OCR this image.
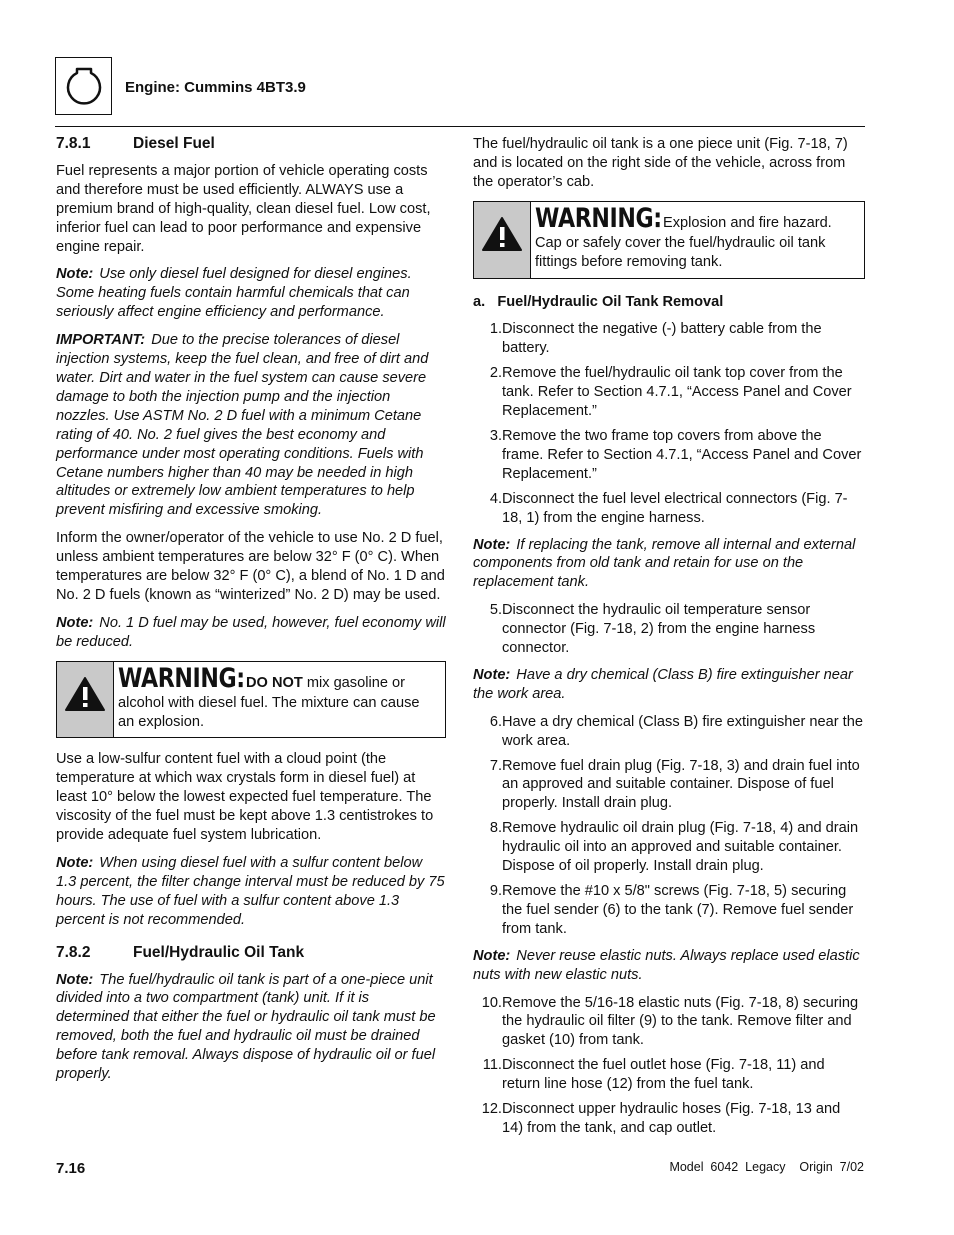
Engine: Cummins 4BT3.9
7.8.1	Diesel Fuel

Fuel represents a major portion of vehicle operating costs and therefore must be used efficiently. ALWAYS use a premium brand of high-quality, clean diesel fuel. Low cost, inferior fuel can lead to poor performance and expensive engine repair.

Note: Use only diesel fuel designed for diesel engines. Some heating fuels contain harmful chemicals that can seriously affect engine efficiency and performance.
IMPORTANT: Due to the precise tolerances of diesel injection systems, keep the fuel clean, and free of dirt and water. Dirt and water in the fuel system can cause severe damage to both the injection pump and the injection nozzles. Use ASTM No. 2 D fuel with a minimum Cetane rating of 40. No. 2 fuel gives the best economy and performance under most operating conditions. Fuels with Cetane numbers higher than 40 may be needed in high altitudes or extremely low ambient temperatures to help prevent misfiring and excessive smoking.

Inform the owner/operator of the vehicle to use No. 2 D fuel, unless ambient temperatures are below 32° F (0° C). When temperatures are below 32° F (0° C), a blend of No. 1 D and No. 2 D fuels (known as “winterized” No. 2 D) may be used.

Note: No. 1 D fuel may be used, however, fuel economy will be reduced.
WARNING:DO NOT mix gasoline or alcohol with diesel fuel. The mixture can cause an explosion.

Use a low-sulfur content fuel with a cloud point (the temperature at which wax crystals form in diesel fuel) at least 10° below the lowest expected fuel temperature. The viscosity of the fuel must be kept above 1.3 centistrokes to provide adequate fuel system lubrication.

Note: When using diesel fuel with a sulfur content below 1.3 percent, the filter change interval must be reduced by 75 hours. The use of fuel with a sulfur content above 1.3 percent is not recommended.
7.8.2	Fuel/Hydraulic Oil Tank
Note: The fuel/hydraulic oil tank is part of a one-piece unit divided into a two compartment (tank) unit. If it is determined that either the fuel or hydraulic oil tank must be removed, both the fuel and hydraulic oil must be drained before tank removal. Always dispose of hydraulic oil or fuel properly.

The fuel/hydraulic oil tank is a one piece unit (Fig. 7-18, 7) and is located on the right side of the vehicle, across from the operator’s cab.

WARNING:Explosion and fire hazard. Cap or safely cover the fuel/hydraulic oil tank fittings before removing tank.
a.   Fuel/Hydraulic Oil Tank Removal
1. Disconnect the negative (-) battery cable from the battery.
2. Remove the fuel/hydraulic oil tank top cover from the tank. Refer to Section 4.7.1, “Access Panel and Cover Replacement.”
3. Remove the two frame top covers from above the frame. Refer to Section 4.7.1, “Access Panel and Cover Replacement.”
4. Disconnect the fuel level electrical connectors (Fig. 7-18, 1) from the engine harness.
Note: If replacing the tank, remove all internal and external components from old tank and retain for use on the replacement tank.
5. Disconnect the hydraulic oil temperature sensor connector (Fig. 7-18, 2) from the engine harness connector.
Note: Have a dry chemical (Class B) fire extinguisher near the work area.
6. Have a dry chemical (Class B) fire extinguisher near the work area.
7. Remove fuel drain plug (Fig. 7-18, 3) and drain fuel into an approved and suitable container. Dispose of fuel properly. Install drain plug.
8. Remove hydraulic oil drain plug (Fig. 7-18, 4) and drain hydraulic oil into an approved and suitable container. Dispose of oil properly. Install drain plug.
9. Remove the #10 x 5/8" screws (Fig. 7-18, 5) securing the fuel sender (6) to the tank (7). Remove fuel sender from tank.
Note: Never reuse elastic nuts. Always replace used elastic nuts with new elastic nuts.
10. Remove the 5/16-18 elastic nuts (Fig. 7-18, 8) securing the hydraulic oil filter (9) to the tank. Remove filter and gasket (10) from tank.
11. Disconnect the fuel outlet hose (Fig. 7-18, 11) and return line hose (12) from the fuel tank.
12. Disconnect upper hydraulic hoses (Fig. 7-18, 13 and 14) from the tank, and cap outlet.
7.16	Model  6042  Legacy    Origin  7/02
